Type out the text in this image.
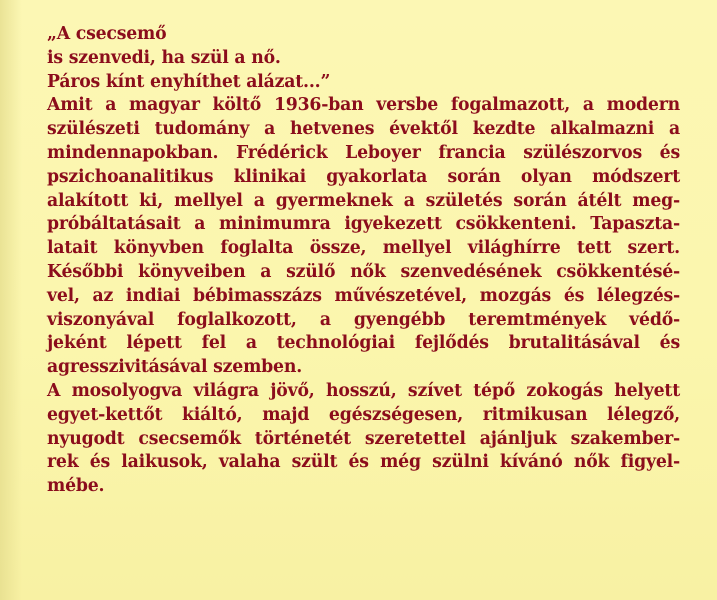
„A csecsemő
is szenvedi, ha szül a nő.
Páros kínt enyhíthet alázat...”
Amit a magyar költő 1936-ban versbe fogalmazott, a modern
szülészeti tudomány a hetvenes évektől kezdte alkalmazni a
mindennapokban. Frédérick Leboyer francia szülészorvos és
pszichoanalitikus klinikai gyakorlata során olyan módszert
alakított ki, mellyel a gyermeknek a születés során átélt meg-
próbáltatásait a minimumra igyekezett csökkenteni. Tapaszta-
latait könyvben foglalta össze, mellyel világhírre tett szert.
Későbbi könyveiben a szülő nők szenvedésének csökkentésé-
vel, az indiai bébimasszázs művészetével, mozgás és lélegzés-
viszonyával foglalkozott, a gyengébb teremtmények védő-
jeként lépett fel a technológiai fejlődés brutalitásával és
agresszivitásával szemben.
A mosolyogva világra jövő, hosszú, szívet tépő zokogás helyett
egyet-kettőt kiáltó, majd egészségesen, ritmikusan lélegző,
nyugodt csecsemők történetét szeretettel ajánljuk szakember-
rek és laikusok, valaha szült és még szülni kívánó nők figyel-
mébe.
